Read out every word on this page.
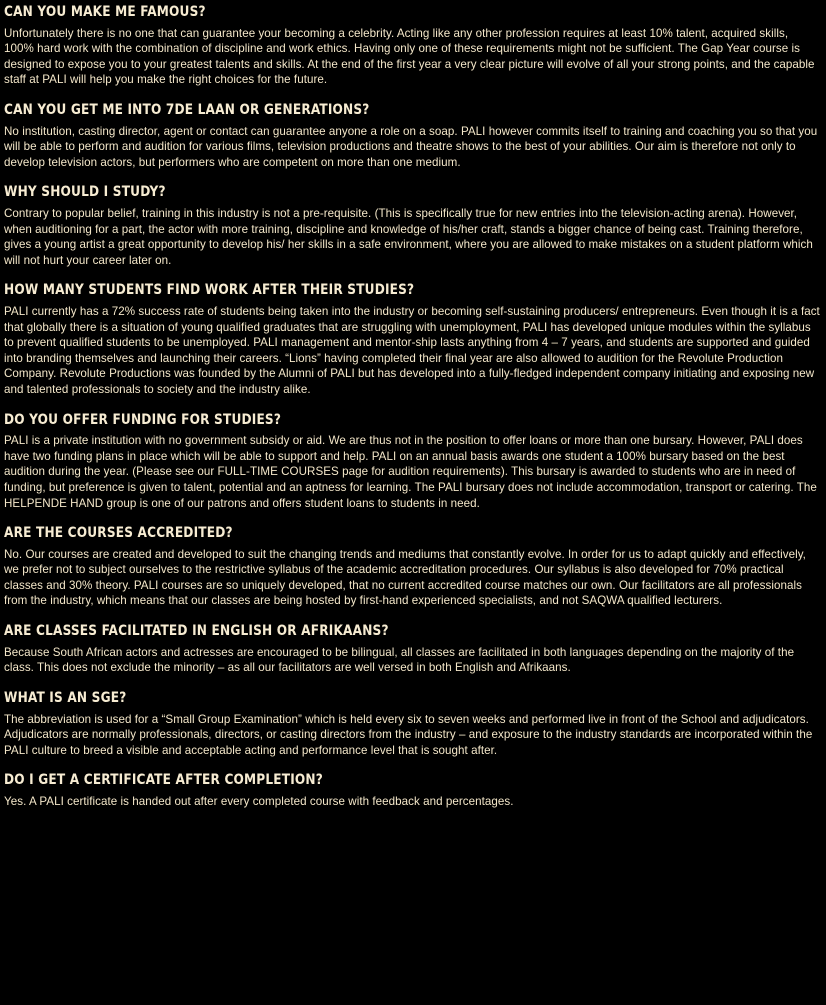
CAN YOU MAKE ME FAMOUS?

Unfortunately there is no one that can guarantee your becoming a celebrity. Acting like any other profession requires at least 10% talent, acquired skills, 100% hard work with the combination of discipline and work ethics. Having only one of these requirements might not be sufficient. The Gap Year course is designed to expose you to your greatest talents and skills. At the end of the first year a very clear picture will evolve of all your strong points, and the capable staff at PALI will help you make the right choices for the future.

CAN YOU GET ME INTO 7DE LAAN OR GENERATIONS?

No institution, casting director, agent or contact can guarantee anyone a role on a soap. PALI however commits itself to training and coaching you so that you will be able to perform and audition for various films, television productions and theatre shows to the best of your abilities. Our aim is therefore not only to develop television actors, but performers who are competent on more than one medium.

WHY SHOULD I STUDY?

Contrary to popular belief, training in this industry is not a pre-requisite. (This is specifically true for new entries into the television-acting arena). However, when auditioning for a part, the actor with more training, discipline and knowledge of his/her craft, stands a bigger chance of being cast. Training therefore, gives a young artist a great opportunity to develop his/ her skills in a safe environment, where you are allowed to make mistakes on a student platform which will not hurt your career later on.

HOW MANY STUDENTS FIND WORK AFTER THEIR STUDIES?

PALI currently has a 72% success rate of students being taken into the industry or becoming self-sustaining producers/ entrepreneurs. Even though it is a fact that globally there is a situation of young qualified graduates that are struggling with unemployment, PALI has developed unique modules within the syllabus to prevent qualified students to be unemployed. PALI management and mentor-ship lasts anything from 4 – 7 years, and students are supported and guided into branding themselves and launching their careers. “Lions” having completed their final year are also allowed to audition for the Revolute Production Company. Revolute Productions was founded by the Alumni of PALI but has developed into a fully-fledged independent company initiating and exposing new and talented professionals to society and the industry alike.

DO YOU OFFER FUNDING FOR STUDIES?

PALI is a private institution with no government subsidy or aid. We are thus not in the position to offer loans or more than one bursary. However, PALI does have two funding plans in place which will be able to support and help. PALI on an annual basis awards one student a 100% bursary based on the best audition during the year. (Please see our FULL-TIME COURSES page for audition requirements). This bursary is awarded to students who are in need of funding, but preference is given to talent, potential and an aptness for learning. The PALI bursary does not include accommodation, transport or catering. The HELPENDE HAND group is one of our patrons and offers student loans to students in need.

ARE THE COURSES ACCREDITED?

No. Our courses are created and developed to suit the changing trends and mediums that constantly evolve. In order for us to adapt quickly and effectively, we prefer not to subject ourselves to the restrictive syllabus of the academic accreditation procedures. Our syllabus is also developed for 70% practical classes and 30% theory. PALI courses are so uniquely developed, that no current accredited course matches our own. Our facilitators are all professionals from the industry, which means that our classes are being hosted by first-hand experienced specialists, and not SAQWA qualified lecturers.

ARE CLASSES FACILITATED IN ENGLISH OR AFRIKAANS?

Because South African actors and actresses are encouraged to be bilingual, all classes are facilitated in both languages depending on the majority of the class. This does not exclude the minority – as all our facilitators are well versed in both English and Afrikaans.

WHAT IS AN SGE?

The abbreviation is used for a “Small Group Examination” which is held every six to seven weeks and performed live in front of the School and adjudicators. Adjudicators are normally professionals, directors, or casting directors from the industry – and exposure to the industry standards are incorporated within the PALI culture to breed a visible and acceptable acting and performance level that is sought after.

DO I GET A CERTIFICATE AFTER COMPLETION?

Yes. A PALI certificate is handed out after every completed course with feedback and percentages.
